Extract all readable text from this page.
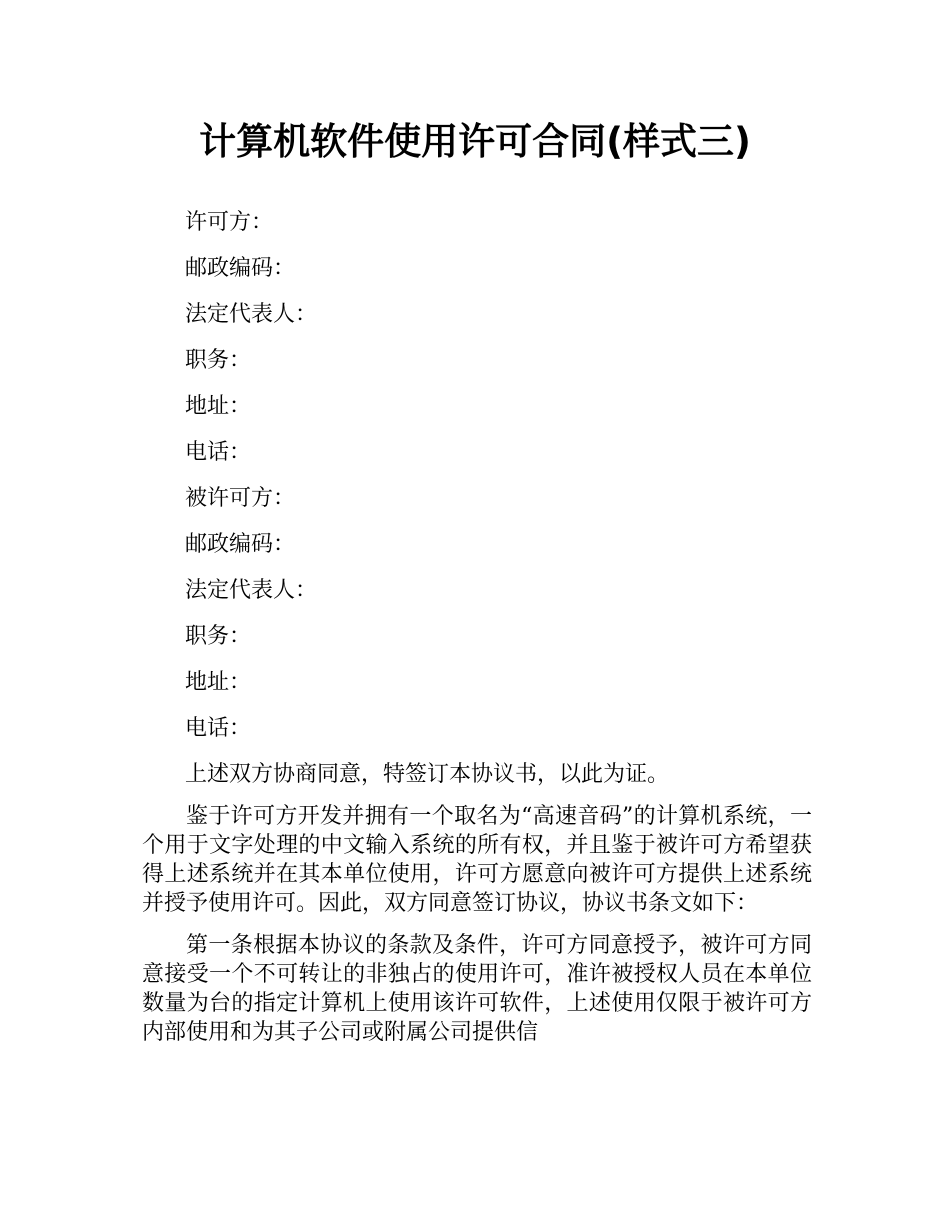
计算机软件使用许可合同(样式三)
许可方：
邮政编码：
法定代表人：
职务：
地址：
电话：
被许可方：
邮政编码：
法定代表人：
职务：
地址：
电话：
上述双方协商同意，特签订本协议书，以此为证。

鉴于许可方开发并拥有一个取名为“高速音码”的计算机系统，一个用于文字处理的中文输入系统的所有权，并且鉴于被许可方希望获得上述系统并在其本单位使用，许可方愿意向被许可方提供上述系统并授予使用许可。因此，双方同意签订协议，协议书条文如下：

第一条根据本协议的条款及条件，许可方同意授予，被许可方同意接受一个不可转让的非独占的使用许可，准许被授权人员在本单位数量为台的指定计算机上使用该许可软件，上述使用仅限于被许可方内部使用和为其子公司或附属公司提供信
